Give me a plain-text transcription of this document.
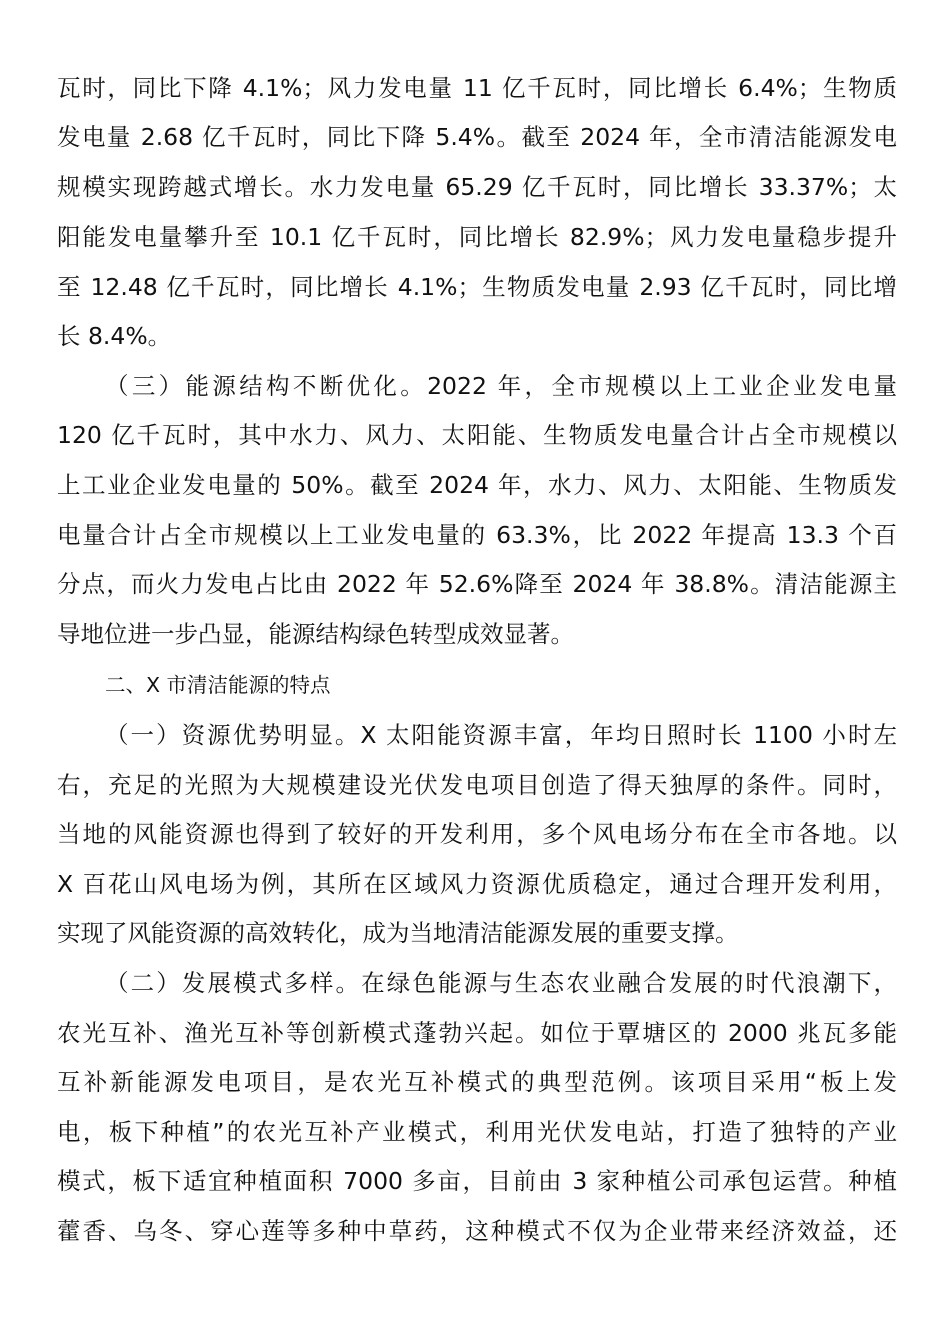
瓦时，同比下降 4.1%；风力发电量 11 亿千瓦时，同比增长 6.4%；生物质
发电量 2.68 亿千瓦时，同比下降 5.4%。截至 2024 年，全市清洁能源发电
规模实现跨越式增长。水力发电量 65.29 亿千瓦时，同比增长 33.37%；太
阳能发电量攀升至 10.1 亿千瓦时，同比增长 82.9%；风力发电量稳步提升
至 12.48 亿千瓦时，同比增长 4.1%；生物质发电量 2.93 亿千瓦时，同比增
长 8.4%。
（三）能源结构不断优化。2022 年，全市规模以上工业企业发电量
120 亿千瓦时，其中水力、风力、太阳能、生物质发电量合计占全市规模以
上工业企业发电量的 50%。截至 2024 年，水力、风力、太阳能、生物质发
电量合计占全市规模以上工业发电量的 63.3%，比 2022 年提高 13.3 个百
分点，而火力发电占比由 2022 年 52.6%降至 2024 年 38.8%。清洁能源主
导地位进一步凸显，能源结构绿色转型成效显著。
二、X 市清洁能源的特点
（一）资源优势明显。X 太阳能资源丰富，年均日照时长 1100 小时左
右，充足的光照为大规模建设光伏发电项目创造了得天独厚的条件。同时，
当地的风能资源也得到了较好的开发利用，多个风电场分布在全市各地。以
X 百花山风电场为例，其所在区域风力资源优质稳定，通过合理开发利用，
实现了风能资源的高效转化，成为当地清洁能源发展的重要支撑。
（二）发展模式多样。在绿色能源与生态农业融合发展的时代浪潮下，
农光互补、渔光互补等创新模式蓬勃兴起。如位于覃塘区的 2000 兆瓦多能
互补新能源发电项目，是农光互补模式的典型范例。该项目采用“板上发
电，板下种植”的农光互补产业模式，利用光伏发电站，打造了独特的产业
模式，板下适宜种植面积 7000 多亩，目前由 3 家种植公司承包运营。种植
藿香、乌冬、穿心莲等多种中草药，这种模式不仅为企业带来经济效益，还
